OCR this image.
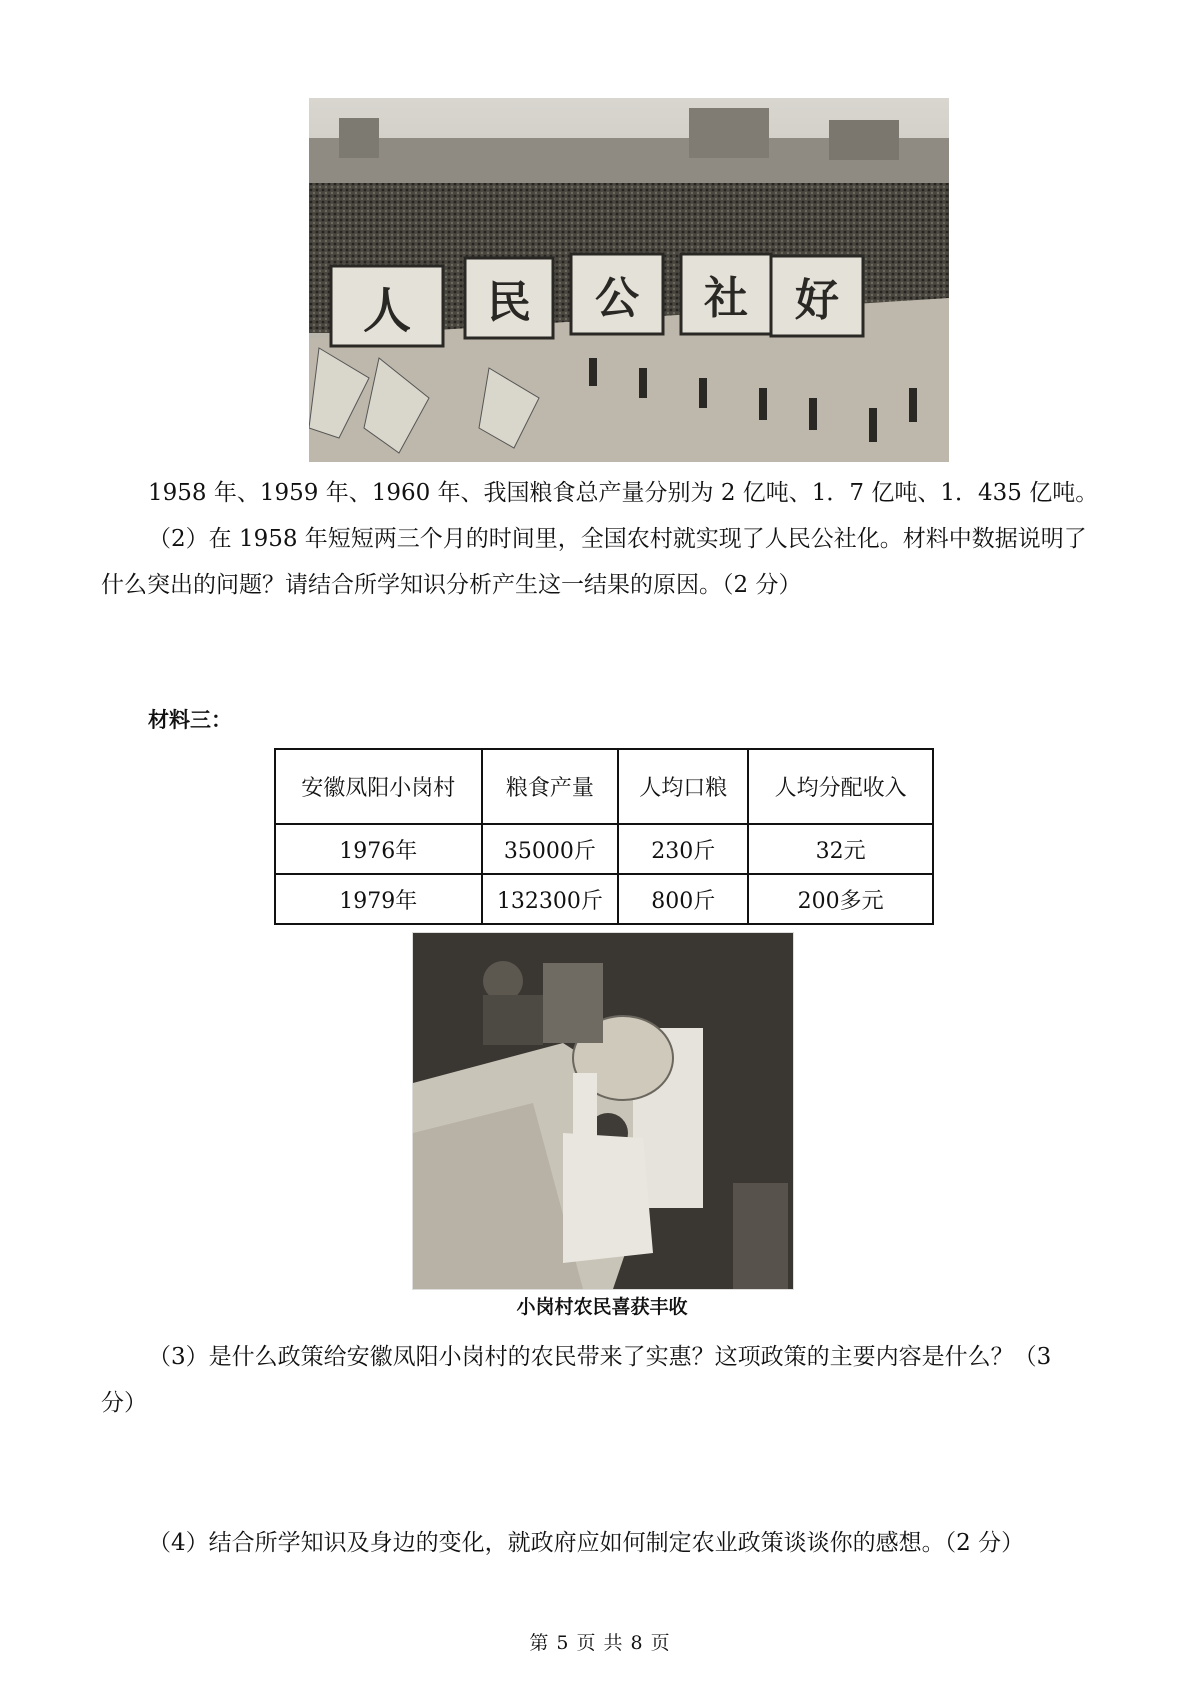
人	民	公	社	好
1958 年、1959 年、1960 年、我国粮食总产量分别为 2 亿吨、1．7 亿吨、1．435 亿吨。
（2）在 1958 年短短两三个月的时间里，全国农村就实现了人民公社化。材料中数据说明了
什么突出的问题？请结合所学知识分析产生这一结果的原因。（2 分）
材料三：
安徽凤阳小岗村	粮食产量	人均口粮	人均分配收入
1976年	35000斤	230斤	32元
1979年	132300斤	800斤	200多元
小岗村农民喜获丰收
（3）是什么政策给安徽凤阳小岗村的农民带来了实惠？这项政策的主要内容是什么？（3
分）
（4）结合所学知识及身边的变化，就政府应如何制定农业政策谈谈你的感想。（2 分）
第 5 页 共 8 页
